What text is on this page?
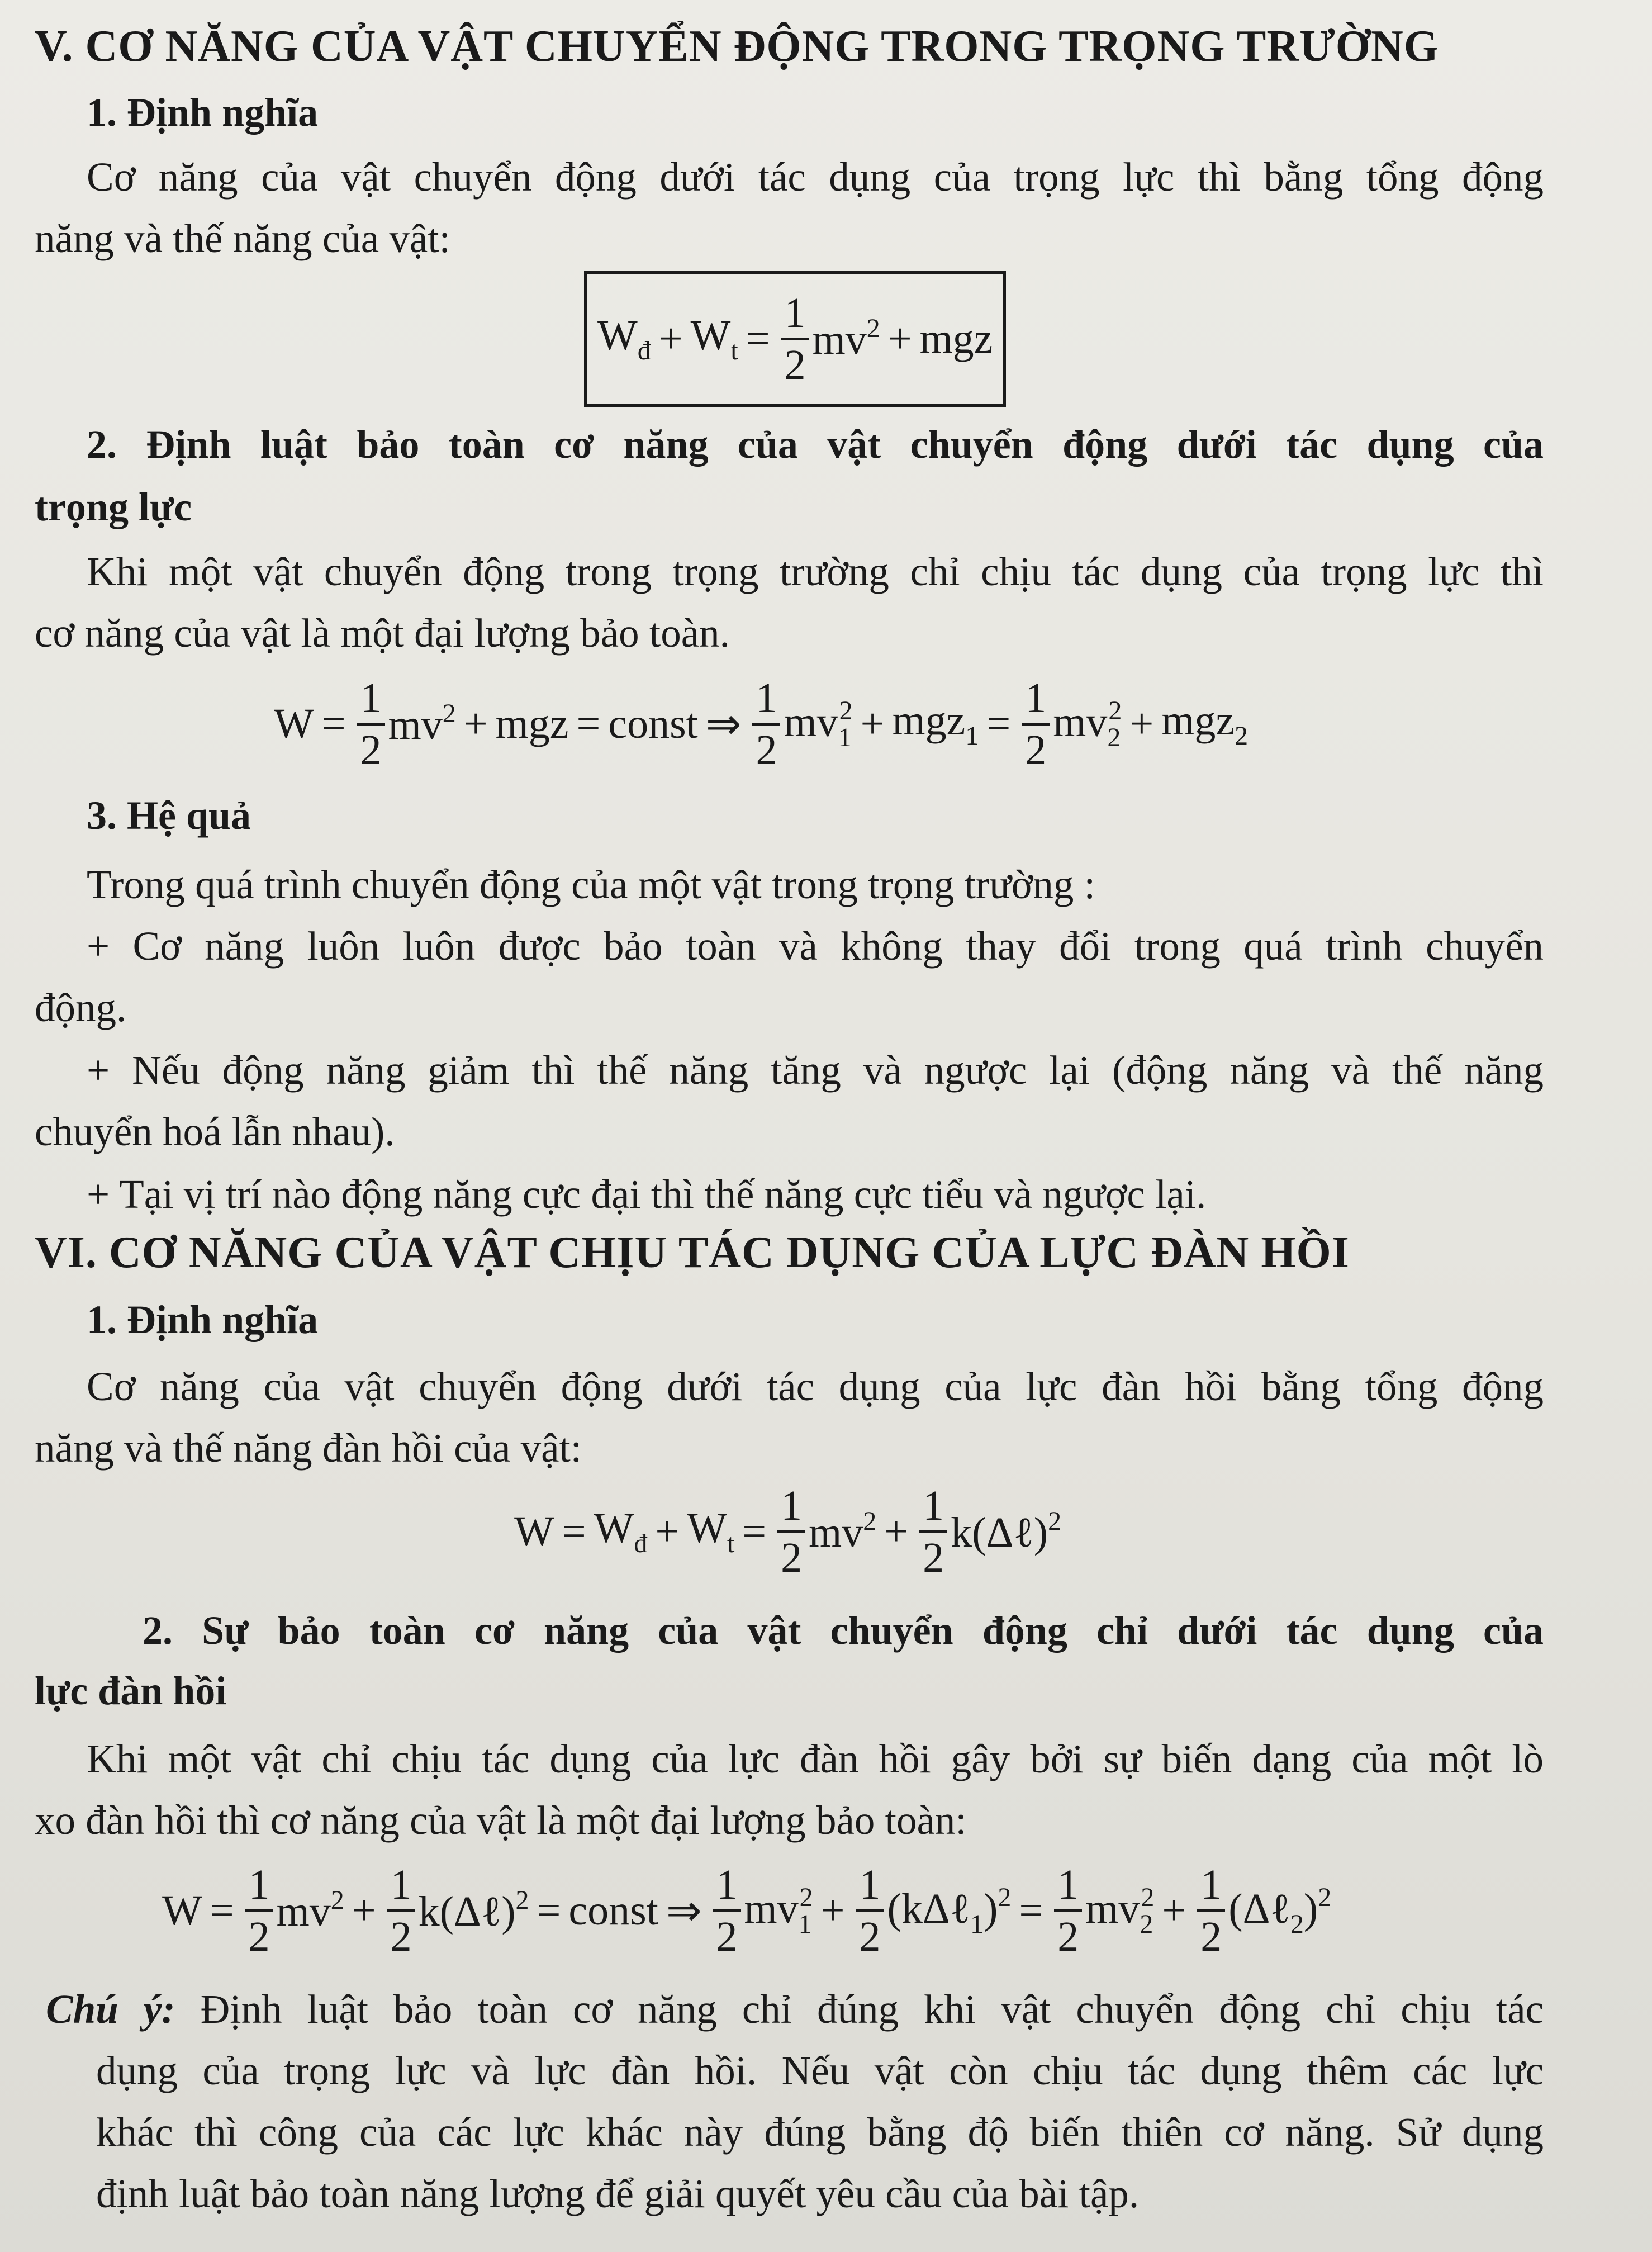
V. CƠ NĂNG CỦA VẬT CHUYỂN ĐỘNG TRONG TRỌNG TRƯỜNG
1. Định nghĩa
Cơ năng của vật chuyển động dưới tác dụng của trọng lực thì bằng tổng động
năng và thế năng của vật:
$W_đ + W_t = \frac{1}{2} mv^2$ + mgz
2. Định luật bảo toàn cơ năng của vật chuyển động dưới tác dụng của
trọng lực
Khi một vật chuyển động trong trọng trường chỉ chịu tác dụng của trọng lực thì
cơ năng của vật là một đại lượng bảo toàn.
$W = \frac{1}{2} mv^2$ + mgz = const ⇒ $\frac{1}{2} mv_1^2 + mgz_1 = \frac{1}{2} mv_2^2 + mgz_2$
3. Hệ quả
Trong quá trình chuyển động của một vật trong trọng trường :
+ Cơ năng luôn luôn được bảo toàn và không thay đổi trong quá trình chuyển
động.
+ Nếu động năng giảm thì thế năng tăng và ngược lại (động năng và thế năng
chuyển hoá lẫn nhau).
+ Tại vị trí nào động năng cực đại thì thế năng cực tiểu và ngược lại.
VI. CƠ NĂNG CỦA VẬT CHỊU TÁC DỤNG CỦA LỰC ĐÀN HỒI
1. Định nghĩa
Cơ năng của vật chuyển động dưới tác dụng của lực đàn hồi bằng tổng động
năng và thế năng đàn hồi của vật:
$W = W_đ + W_t = \frac{1}{2} mv^2 + \frac{1}{2}$ k(Δℓ)$^2$
2. Sự bảo toàn cơ năng của vật chuyển động chỉ dưới tác dụng của
lực đàn hồi
Khi một vật chỉ chịu tác dụng của lực đàn hồi gây bởi sự biến dạng của một lò
xo đàn hồi thì cơ năng của vật là một đại lượng bảo toàn:
$W = \frac{1}{2} mv^2 + \frac{1}{2}$ k(Δℓ)$^2$ = const ⇒ $\frac{1}{2} mv_1^2 + \frac{1}{2}$ (kΔℓ$_1$)$^2$ = $\frac{1}{2} mv_2^2 + \frac{1}{2}$ (Δℓ$_2$)$^2$
Chú ý: Định luật bảo toàn cơ năng chỉ đúng khi vật chuyển động chỉ chịu tác
dụng của trọng lực và lực đàn hồi. Nếu vật còn chịu tác dụng thêm các lực
khác thì công của các lực khác này đúng bằng độ biến thiên cơ năng. Sử dụng
định luật bảo toàn năng lượng để giải quyết yêu cầu của bài tập.
